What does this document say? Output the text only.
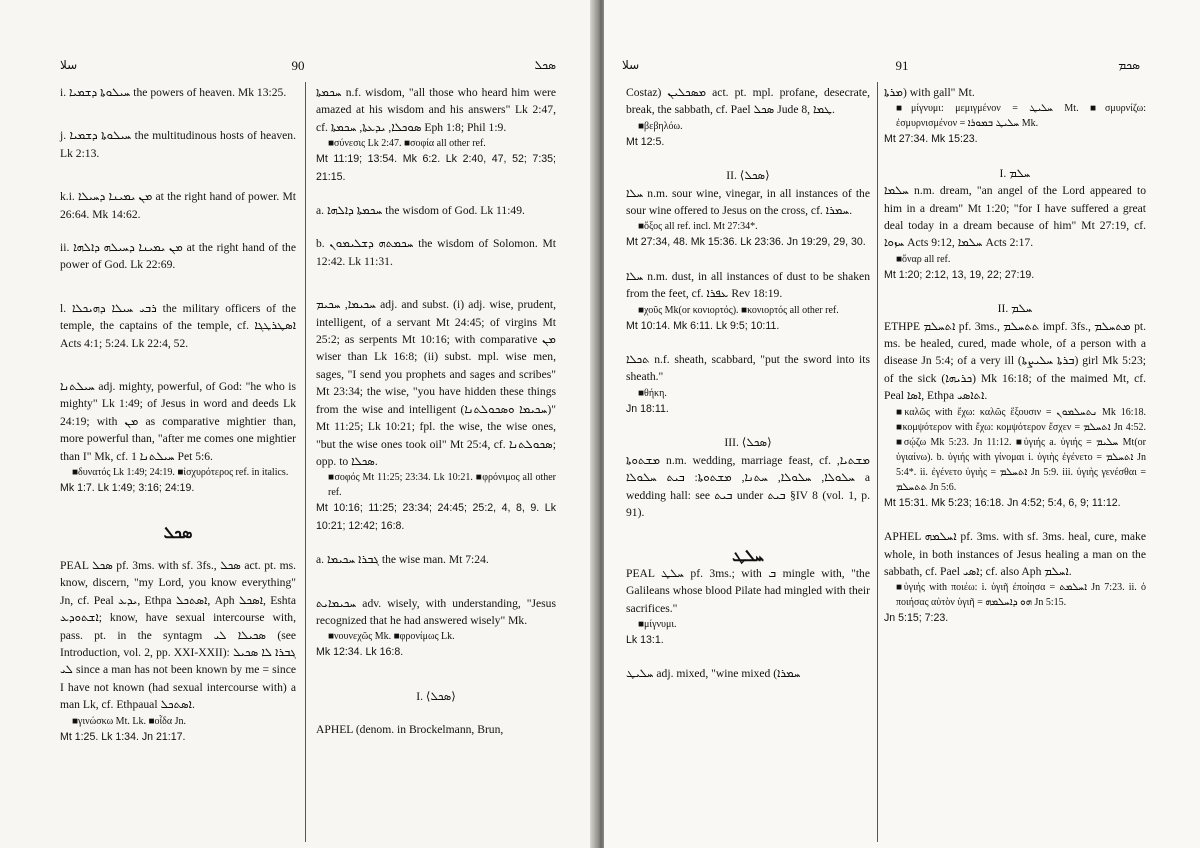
سلا	90	ܣܟܠ
i. ܚܝܠܘܬܐ ܕܫܡܝܐ the powers of heaven. Mk 13:25.
j. ܚܝܠܘܬܐ ܕܫܡܝܐ the multitudinous hosts of heaven. Lk 2:13.
k.i. ܡܢ ܝܡܝܢܐ ܕܚܝܠܐ at the right hand of power. Mt 26:64. Mk 14:62.
ii. ܡܢ ܝܡܝܢܐ ܕܚܝܠܗ ܕܐܠܗܐ at the right hand of the power of God. Lk 22:69.
l. ܪܒܝ ܚܝܠܐ ܕܗܝܟܠܐ the military officers of the temple, the captains of the temple, cf. ܐܣܛܪܛܓܐ Acts 4:1; 5:24. Lk 22:4, 52.
ܚܝܠܬܢܐ adj. mighty, powerful, of God: "he who is mighty" Lk 1:49; of Jesus in word and deeds Lk 24:19; with ܡܢ as comparative mightier than, more powerful than, "after me comes one mightier than I" Mk, cf. ܚܝܠܬܢܐ 1 Pet 5:6.
■δυνατός Lk 1:49; 24:19. ■ἰσχυρότερος ref. in italics.
Mk 1:7. Lk 1:49; 3:16; 24:19.
ܣܟܠ
PEAL ܣܟܠ pf. 3ms. with sf. 3fs., ܣܟܠ act. pt. ms. know, discern, "my Lord, you know everything" Jn, cf. Peal ܝܕܥ, Ethpa ܐܣܬܟܠ, Aph ܐܣܟܠ, Eshta ܐܫܬܘܕܥ; know, have sexual intercourse with, pass. pt. in the syntagm ܣܟܝܠܐ ܠܝ (see Introduction, vol. 2, pp. XXI-XXII): ܓܒܪܐ ܠܐ ܣܟܝܠ ܠܝ since a man has not been known by me = since I have not known (had sexual intercourse with) a man Lk, cf. Ethpaual ܐܣܬܟܠ.
■γινώσκω Mt. Lk. ■οἶδα Jn.
Mt 1:25. Lk 1:34. Jn 21:17.
ܚܟܡܬܐ n.f. wisdom, "all those who heard him were amazed at his wisdom and his answers" Lk 2:47, cf. ܣܘܟܠܐ, ܝܕܥܬܐ, ܚܟܡܬܐ Eph 1:8; Phil 1:9.
■σύνεσις Lk 2:47. ■σοφία all other ref.
Mt 11:19; 13:54. Mk 6:2. Lk 2:40, 47, 52; 7:35; 21:15.
a. ܚܟܡܬܐ ܕܐܠܗܐ the wisdom of God. Lk 11:49.
b. ܚܟܡܬܗ ܕܫܠܝܡܘܢ the wisdom of Solomon. Mt 12:42. Lk 11:31.
ܚܟܝܡܐ, ܚܟܝܡ adj. and subst. (i) adj. wise, prudent, intelligent, of a servant Mt 24:45; of virgins Mt 25:2; as serpents Mt 10:16; with comparative ܡܢ wiser than Lk 16:8; (ii) subst. mpl. wise men, sages, "I send you prophets and sages and scribes" Mt 23:34; the wise, "you have hidden these things from the wise and intelligent (ܚܟܝܡܐ ܘܣܟܘܠܬܢܐ)" Mt 11:25; Lk 10:21; fpl. the wise, the wise ones, "but the wise ones took oil" Mt 25:4, cf. ܣܟܘܠܬܢܐ; opp. to ܣܟܠܐ.
■σοφός Mt 11:25; 23:34. Lk 10:21. ■φρόνιμος all other ref.
Mt 10:16; 11:25; 23:34; 24:45; 25:2, 4, 8, 9. Lk 10:21; 12:42; 16:8.
a. ܓܒܪܐ ܚܟܝܡܐ the wise man. Mt 7:24.
ܚܟܝܡܐܝܬ adv. wisely, with understanding, "Jesus recognized that he had answered wisely" Mk.
■νουνεχῶς Mk. ■φρονίμως Lk.
Mk 12:34. Lk 16:8.
I. ⟨ܣܟܠ⟩
APHEL (denom. in Brockelmann, Brun,
سلا	91	ܣܟܡ
Costaz) ܡܣܟܠܝܢ act. pt. mpl. profane, desecrate, break, the sabbath, cf. Pael ܣܟܠ Jude 8, ܛܡܐ.
■βεβηλόω.
Mt 12:5.
II. ⟨ܣܟܠ⟩
ܚܠܐ n.m. sour wine, vinegar, in all instances of the sour wine offered to Jesus on the cross, cf. ܚܡܪܐ.
■ὄξος all ref. incl. Mt 27:34*.
Mt 27:34, 48. Mk 15:36. Lk 23:36. Jn 19:29, 29, 30.
ܚܠܐ n.m. dust, in all instances of dust to be shaken from the feet, cf. ܥܦܪܐ Rev 18:19.
■χοῦς Mk(or κονιορτός). ■κονιορτός all other ref.
Mt 10:14. Mk 6:11. Lk 9:5; 10:11.
ܬܟܠܐ n.f. sheath, scabbard, "put the sword into its sheath."
■θήκη.
Jn 18:11.
III. ⟨ܣܟܠ⟩
ܡܫܬܘܬܐ n.m. wedding, marriage feast, cf. ܡܫܬܝܐ, ܚܠܘܠܐ, ܚܠܘܠܐ, ܚܬܢܐ, ܡܫܬܘܬܐ: ܒܝܬ ܚܠܘܠܐ a wedding hall: see ܒܝܬ under ܒܝܬ §IV 8 (vol. 1, p. 91).
ܚܠܛ
PEAL ܚܠܛ pf. 3ms.; with ܒ mingle with, "the Galileans whose blood Pilate had mingled with their sacrifices."
■μίγνυμι.
Lk 13:1.
ܚܠܝܛ adj. mixed, "wine mixed (ܚܡܪܐ
ܡܪܬܐ) with gall" Mt.
■μίγνυμι: μεμιγμένον = ܚܠܝܛ Mt. ■σμυρνίζω: ἐσμυρνισμένον = ܚܠܝܛ ܒܡܘܪܐ Mk.
Mt 27:34. Mk 15:23.
I. ܚܠܡ
ܚܠܡܐ n.m. dream, "an angel of the Lord appeared to him in a dream" Mt 1:20; "for I have suffered a great deal today in a dream because of him" Mt 27:19, cf. ܚܙܘܐ Acts 9:12, ܚܠܡܐ Acts 2:17.
■ὄναρ all ref.
Mt 1:20; 2:12, 13, 19, 22; 27:19.
II. ܚܠܡ
ETHPE ܐܬܚܠܡ pf. 3ms., ܬܬܚܠܡ impf. 3fs., ܡܬܚܠܡ pt. ms. be healed, cured, made whole, of a person with a disease Jn 5:4; of a very ill (ܒܪܬܐ ܚܠܝܨܬܐ) girl Mk 5:23; of the sick (ܟܪܝܗܐ) Mk 16:18; of the maimed Mt, cf. Peal ܐܣܐ, Ethpa ܐܬܐܣܝ.
■καλῶς with ἔχω: καλῶς ἕξουσιν = ܢܬܚܠܡܘܢ Mk 16:18. ■κομψότερον with ἔχω: κομψότερον ἔσχεν = ܐܬܚܠܡ Jn 4:52. ■σῴζω Mk 5:23. Jn 11:12. ■ὑγιής a. ὑγιής = ܚܠܝܡ Mt(or ὑγιαίνω). b. ὑγιής with γίνομαι i. ὑγιὴς ἐγένετο = ܐܬܚܠܡ Jn 5:4*. ii. ἐγένετο ὑγιὴς = ܐܬܚܠܡ Jn 5:9. iii. ὑγιὴς γενέσθαι = ܬܬܚܠܡ Jn 5:6.
Mt 15:31. Mk 5:23; 16:18. Jn 4:52; 5:4, 6, 9; 11:12.
APHEL ܐܚܠܡܗ pf. 3ms. with sf. 3ms. heal, cure, make whole, in both instances of Jesus healing a man on the sabbath, cf. Pael ܐܣܝ; cf. also Aph ܐܚܠܡ.
■ὑγιής with ποιέω: i. ὑγιῆ ἐποίησα = ܐܚܠܡܬ Jn 7:23. ii. ὁ ποιήσας αὐτὸν ὑγιῆ = ܗܘ ܕܐܚܠܡܗ Jn 5:15.
Jn 5:15; 7:23.
